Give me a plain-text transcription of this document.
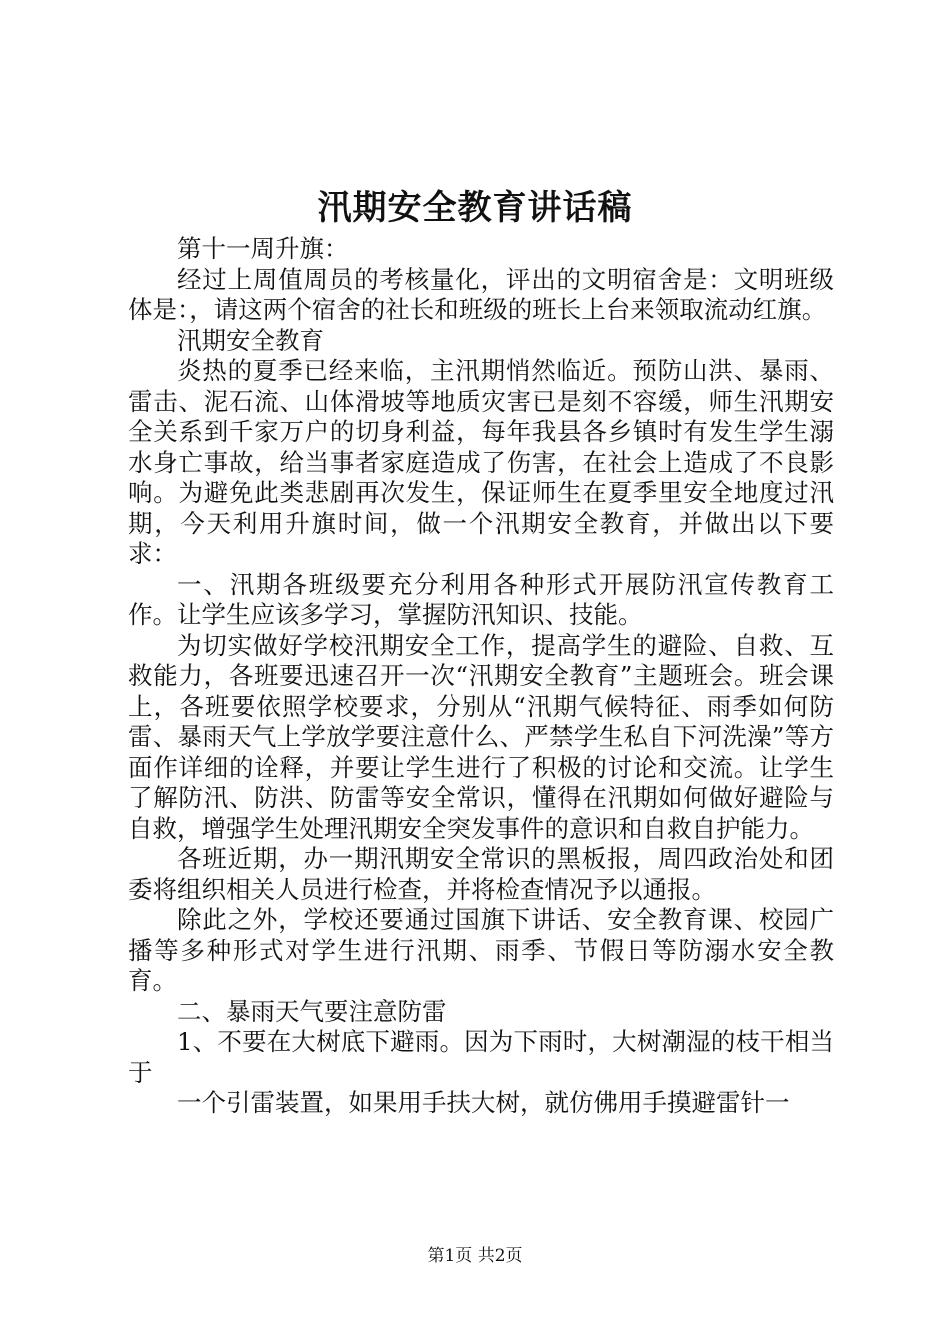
汛期安全教育讲话稿

第十一周升旗：

经过上周值周员的考核量化，评出的文明宿舍是：文明班级体是：，请这两个宿舍的社长和班级的班长上台来领取流动红旗。

汛期安全教育

炎热的夏季已经来临，主汛期悄然临近。预防山洪、暴雨、雷击、泥石流、山体滑坡等地质灾害已是刻不容缓，师生汛期安全关系到千家万户的切身利益，每年我县各乡镇时有发生学生溺水身亡事故，给当事者家庭造成了伤害，在社会上造成了不良影响。为避免此类悲剧再次发生，保证师生在夏季里安全地度过汛期，今天利用升旗时间，做一个汛期安全教育，并做出以下要求：

一、汛期各班级要充分利用各种形式开展防汛宣传教育工作。让学生应该多学习，掌握防汛知识、技能。

为切实做好学校汛期安全工作，提高学生的避险、自救、互救能力，各班要迅速召开一次“汛期安全教育”主题班会。班会课上，各班要依照学校要求，分别从“汛期气候特征、雨季如何防雷、暴雨天气上学放学要注意什么、严禁学生私自下河洗澡”等方面作详细的诠释，并要让学生进行了积极的讨论和交流。让学生了解防汛、防洪、防雷等安全常识，懂得在汛期如何做好避险与自救，增强学生处理汛期安全突发事件的意识和自救自护能力。

各班近期，办一期汛期安全常识的黑板报，周四政治处和团委将组织相关人员进行检查，并将检查情况予以通报。

除此之外，学校还要通过国旗下讲话、安全教育课、校园广播等多种形式对学生进行汛期、雨季、节假日等防溺水安全教育。

二、暴雨天气要注意防雷

1、不要在大树底下避雨。因为下雨时，大树潮湿的枝干相当于

一个引雷装置，如果用手扶大树，就仿佛用手摸避雷针一

第1页 共2页
